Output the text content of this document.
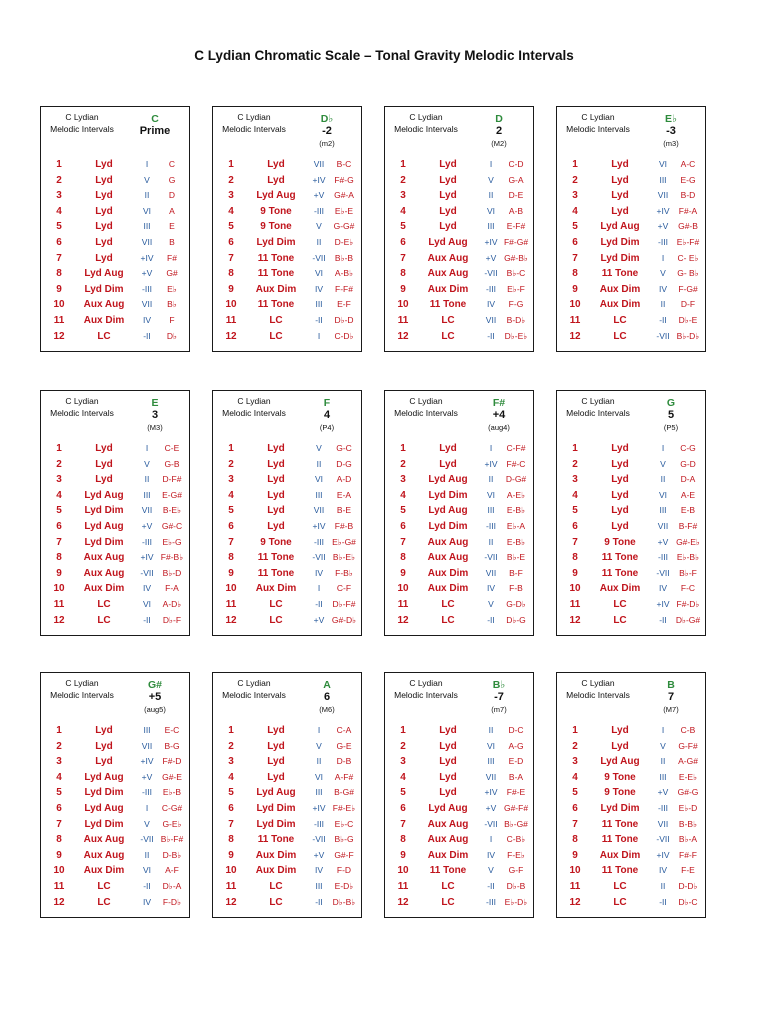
C Lydian Chromatic Scale – Tonal Gravity Melodic Intervals
C Lydian
Melodic Intervals
C
Prime
1	Lyd	I	C
2	Lyd	V	G
3	Lyd	II	D
4	Lyd	VI	A
5	Lyd	III	E
6	Lyd	VII	B
7	Lyd	+IV	F#
8	Lyd Aug	+V	G#
9	Lyd Dim	-III	E♭
10	Aux Aug	VII	B♭
11	Aux Dim	IV	F
12	LC	-II	D♭
C Lydian
Melodic Intervals
D♭
-2
(m2)
1	Lyd	VII	B-C
2	Lyd	+IV	F#-G
3	Lyd Aug	+V	G#-A
4	9 Tone	-III	E♭-E
5	9 Tone	V	G-G#
6	Lyd Dim	II	D-E♭
7	11 Tone	-VII	B♭-B
8	11 Tone	VI	A-B♭
9	Aux Dim	IV	F-F#
10	11 Tone	III	E-F
11	LC	-II	D♭-D
12	LC	I	C-D♭
C Lydian
Melodic Intervals
D
2
(M2)
1	Lyd	I	C-D
2	Lyd	V	G-A
3	Lyd	II	D-E
4	Lyd	VI	A-B
5	Lyd	III	E-F#
6	Lyd Aug	+IV F#-G#
7	Aux Aug	+V G#-B♭
8	Aux Aug	-VII	B♭-C
9	Aux Dim	-III	E♭-F
10	11 Tone	IV	F-G
11	LC	VII	B-D♭
12	LC	-II	D♭-E♭
C Lydian
Melodic Intervals
E♭
-3
(m3)
1	Lyd	VI	A-C
2	Lyd	III	E-G
3	Lyd	VII	B-D
4	Lyd	+IV	F#-A
5	Lyd Aug	+V	G#-B
6	Lyd Dim	-III	E♭-F#
7	Lyd Dim	I	C- E♭
8	11 Tone	V	G- B♭
9	Aux Dim	IV	F-G#
10	Aux Dim	II	D-F
11	LC	-II	D♭-E
12	LC	-VII B♭-D♭
C Lydian
Melodic Intervals
E
3
(M3)
1	Lyd	I	C-E
2	Lyd	V	G-B
3	Lyd	II	D-F#
4	Lyd Aug	III	E-G#
5	Lyd Dim	VII	B-E♭
6	Lyd Aug	+V	G#-C
7	Lyd Dim	-III	E♭-G
8	Aux Aug	+IV F#-B♭
9	Aux Aug	-VII	B♭-D
10	Aux Dim	IV	F-A
11	LC	VI	A-D♭
12	LC	-II	D♭-F
C Lydian
Melodic Intervals
F
4
(P4)
1	Lyd	V	G-C
2	Lyd	II	D-G
3	Lyd	VI	A-D
4	Lyd	III	E-A
5	Lyd	VII	B-E
6	Lyd	+IV	F#-B
7	9 Tone	-III E♭-G#
8	11 Tone	-VII B♭-E♭
9	11 Tone	IV	F-B♭
10	Aux Dim	I	C-F
11	LC	-II	D♭-F#
12	LC	+V G#-D♭
C Lydian
Melodic Intervals
F#
+4
(aug4)
1	Lyd	I	C-F#
2	Lyd	+IV	F#-C
3	Lyd Aug	II	D-G#
4	Lyd Dim	VI	A-E♭
5	Lyd Aug	III	E-B♭
6	Lyd Dim	-III	E♭-A
7	Aux Aug	II	E-B♭
8	Aux Aug	-VII	B♭-E
9	Aux Dim	VII	B-F
10	Aux Dim	IV	F-B
11	LC	V	G-D♭
12	LC	-II	D♭-G
C Lydian
Melodic Intervals
G
5
(P5)
1	Lyd	I	C-G
2	Lyd	V	G-D
3	Lyd	II	D-A
4	Lyd	VI	A-E
5	Lyd	III	E-B
6	Lyd	VII	B-F#
7	9 Tone	+V G#-E♭
8	11 Tone	-III	E♭-B♭
9	11 Tone	-VII	B♭-F
10	Aux Dim	IV	F-C
11	LC	+IV F#-D♭
12	LC	-II	D♭-G#
C Lydian
Melodic Intervals
G#
+5
(aug5)
1	Lyd	III	E-C
2	Lyd	VII	B-G
3	Lyd	+IV	F#-D
4	Lyd Aug	+V	G#-E
5	Lyd Dim	-III	E♭-B
6	Lyd Aug	I	C-G#
7	Lyd Dim	V	G-E♭
8	Aux Aug	-VII B♭-F#
9	Aux Aug	II	D-B♭
10	Aux Dim	VI	A-F
11	LC	-II	D♭-A
12	LC	IV	F-D♭
C Lydian
Melodic Intervals
A
6
(M6)
1	Lyd	I	C-A
2	Lyd	V	G-E
3	Lyd	II	D-B
4	Lyd	VI	A-F#
5	Lyd Aug	III	B-G#
6	Lyd Dim	+IV F#-E♭
7	Lyd Dim	-III	E♭-C
8	11 Tone	-VII	B♭-G
9	Aux Dim	+V	G#-F
10	Aux Dim	IV	F-D
11	LC	III	E-D♭
12	LC	-II	D♭-B♭
C Lydian
Melodic Intervals
B♭
-7
(m7)
1	Lyd	II	D-C
2	Lyd	VI	A-G
3	Lyd	III	E-D
4	Lyd	VII	B-A
5	Lyd	+IV	F#-E
6	Lyd Aug	+V G#-F#
7	Aux Aug	-VII B♭-G#
8	Aux Aug	I	C-B♭
9	Aux Dim	IV	F-E♭
10	11 Tone	V	G-F
11	LC	-II	D♭-B
12	LC	-III	E♭-D♭
C Lydian
Melodic Intervals
B
7
(M7)
1	Lyd	I	C-B
2	Lyd	V	G-F#
3	Lyd Aug	II	A-G#
4	9 Tone	III	E-E♭
5	9 Tone	+V	G#-G
6	Lyd Dim	-III	E♭-D
7	11 Tone	VII	B-B♭
8	11 Tone	-VII	B♭-A
9	Aux Dim	+IV	F#-F
10	11 Tone	IV	F-E
11	LC	II	D-D♭
12	LC	-II	D♭-C
